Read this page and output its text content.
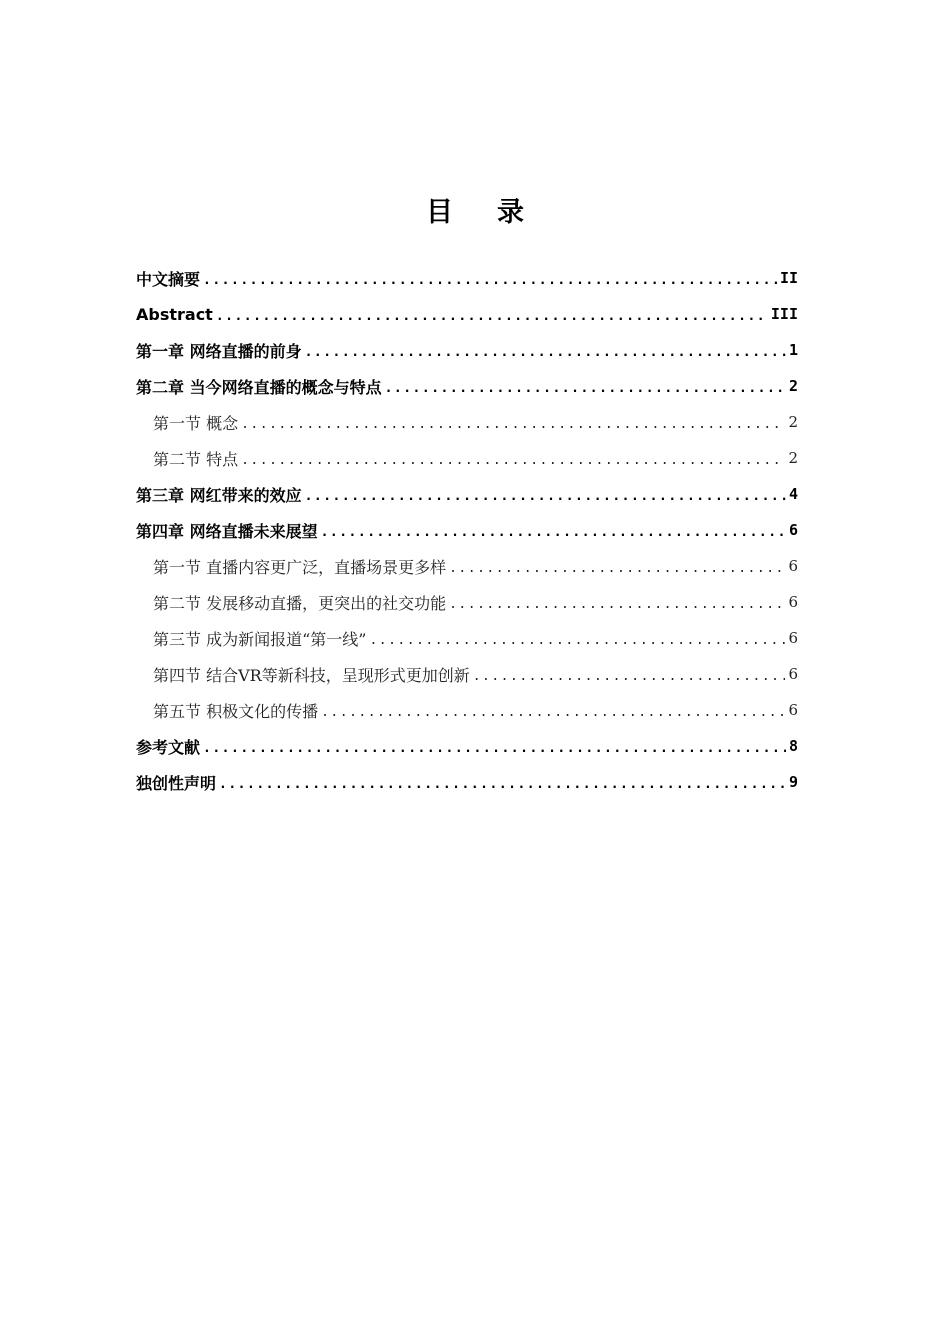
目 录
中文摘要 .....	II
Abstract .....	III
第一章 网络直播的前身 .....	1
第二章 当今网络直播的概念与特点 .....	2
第一节 概念 .....	2
第二节 特点 .....	2
第三章 网红带来的效应 .....	4
第四章 网络直播未来展望 .....	6
第一节 直播内容更广泛，直播场景更多样 .....	6
第二节 发展移动直播，更突出的社交功能 .....	6
第三节 成为新闻报道“第一线” .....	6
第四节 结合VR等新科技，呈现形式更加创新 .....	6
第五节 积极文化的传播 .....	6
参考文献 .....	8
独创性声明 .....	9
